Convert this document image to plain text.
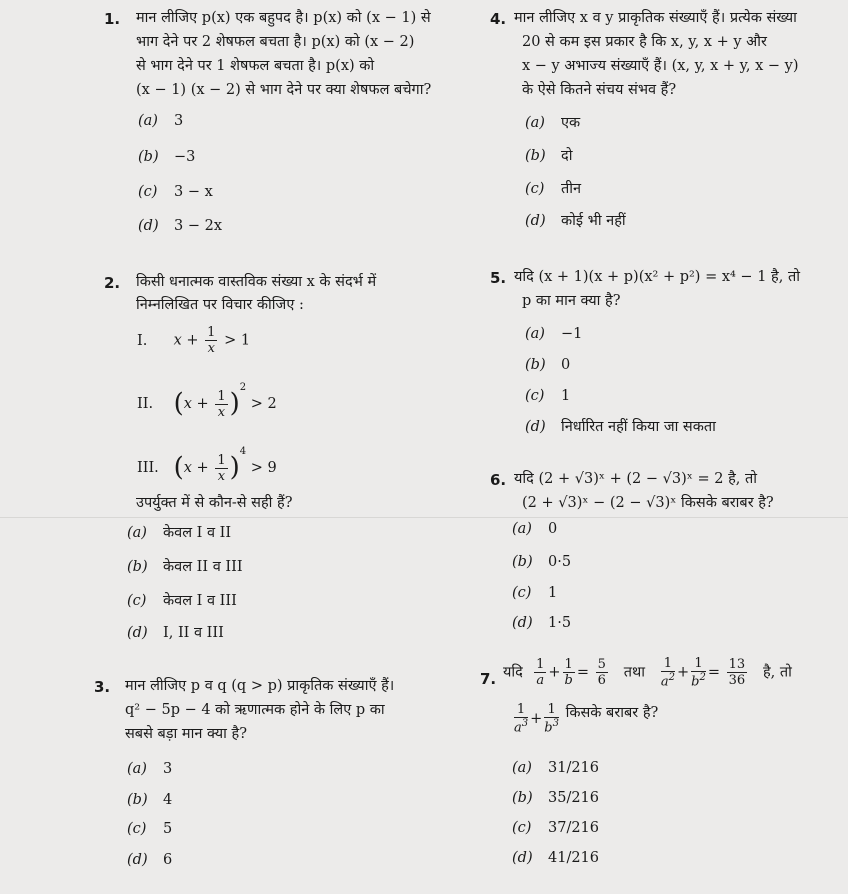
1. मान लीजिए p(x) एक बहुपद है। p(x) को (x − 1) से
भाग देने पर 2 शेषफल बचता है। p(x) को (x − 2)
से भाग देने पर 1 शेषफल बचता है। p(x) को
(x − 1) (x − 2) से भाग देने पर क्या शेषफल बचेगा?
(a) 3
(b) −3
(c) 3 − x
(d) 3 − 2x
2. किसी धनात्मक वास्तविक संख्या x के संदर्भ में
निम्नलिखित पर विचार कीजिए :
I. $x + \frac{1}{x} > 1$
II. $(x + \frac{1}{x} )^2 > 2$
III. $(x + \frac{1}{x} )^4 > 9$
उपर्युक्त में से कौन-से सही हैं?
(a) केवल I व II
(b) केवल II व III
(c) केवल I व III
(d) I, II व III
3. मान लीजिए p व q (q > p) प्राकृतिक संख्याएँ हैं।
q² − 5p − 4 को ऋणात्मक होने के लिए p का
सबसे बड़ा मान क्या है?
(a) 3
(b) 4
(c) 5
(d) 6
4. मान लीजिए x व y प्राकृतिक संख्याएँ हैं। प्रत्येक संख्या
20 से कम इस प्रकार है कि x, y, x + y और
x − y अभाज्य संख्याएँ हैं। (x, y, x + y, x − y)
के ऐसे कितने संचय संभव हैं?
(a) एक
(b) दो
(c) तीन
(d) कोई भी नहीं
5. यदि (x + 1)(x + p)(x² + p²) = x⁴ − 1 है, तो
p का मान क्या है?
(a) −1
(b) 0
(c) 1
(d) निर्धारित नहीं किया जा सकता
6. यदि (2 + √3)ˣ + (2 − √3)ˣ = 2 है, तो
(2 + √3)ˣ − (2 − √3)ˣ किसके बराबर है?
(a) 0
(b) 0·5
(c) 1
(d) 1·5
7. यदि $\frac{1}{a} + \frac{1}{b} = \frac{5}{6}$ तथा $\frac{1}{a^2} + \frac{1}{b^2} = \frac{13}{36}$ है, तो
$\frac{1}{a^3} + \frac{1}{b^3}$ किसके बराबर है?
(a) 31/216
(b) 35/216
(c) 37/216
(d) 41/216
